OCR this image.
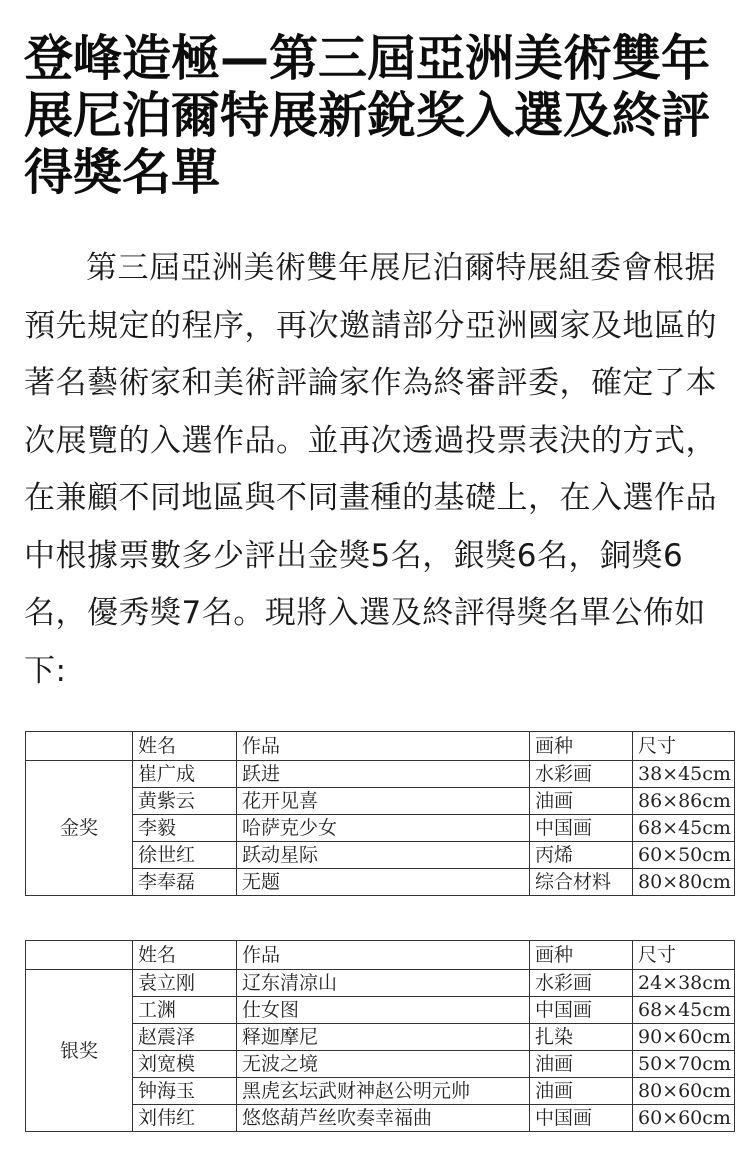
登峰造極—第三屆亞洲美術雙年展尼泊爾特展新銳奖入選及終評得獎名單
第三屆亞洲美術雙年展尼泊爾特展組委會根据預先規定的程序，再次邀請部分亞洲國家及地區的著名藝術家和美術評論家作為終審評委，確定了本次展覽的入選作品。並再次透過投票表決的方式，在兼顧不同地區與不同畫種的基礎上，在入選作品中根據票數多少評出金獎5名，銀獎6名，銅獎6名，優秀獎7名。現將入選及終評得獎名單公佈如下:
	姓名	作品	画种	尺寸
金奖	崔广成	跃进	水彩画	38×45cm
	黄紫云	花开见喜	油画	86×86cm
	李毅	哈萨克少女	中国画	68×45cm
	徐世红	跃动星际	丙烯	60×50cm
	李奉磊	无题	综合材料	80×80cm
	姓名	作品	画种	尺寸
银奖	袁立刚	辽东清凉山	水彩画	24×38cm
	工渊	仕女图	中国画	68×45cm
	赵震泽	释迦摩尼	扎染	90×60cm
	刘宽模	无波之境	油画	50×70cm
	钟海玉	黑虎玄坛武财神赵公明元帅	油画	80×60cm
	刘伟红	悠悠葫芦丝吹奏幸福曲	中国画	60×60cm
